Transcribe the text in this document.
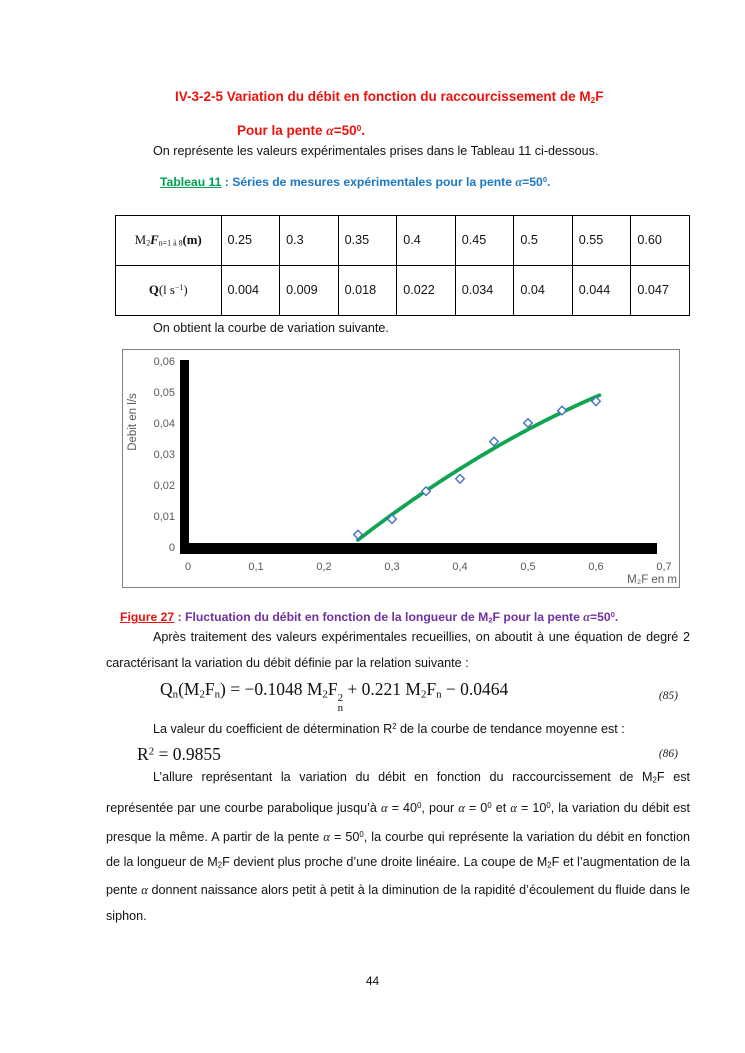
IV-3-2-5 Variation du débit en fonction du raccourcissement de M2F
Pour la pente $\alpha=50^0$.

On représente les valeurs expérimentales prises dans le Tableau 11 ci-dessous.

Tableau 11 : Séries de mesures expérimentales pour la pente $\alpha=50^0$.
M2Fn=1 à 8(m)	0.25	0.3	0.35	0.4	0.45	0.5	0.55	0.60
Q(l $s^{-1}$)	0.004	0.009	0.018	0.022	0.034	0.04	0.044	0.047

On obtient la courbe de variation suivante.

0
0,01
0,02
0,03
0,04
0,05
0,06
0	0,1	0,2	0,3	0,4	0,5	0,6	0,7
Debit en l/s
M₂F en m
Figure 27 : Fluctuation du débit en fonction de la longueur de M2F pour la pente $\alpha=50^0$.

Après traitement des valeurs expérimentales recueillies, on aboutit à une équation de degré 2 caractérisant la variation du débit définie par la relation suivante :

Qn(M2Fn) = −0.1048 M2F 2
n
+ 0.221 M2Fn − 0.0464	(85)

La valeur du coefficient de détermination $R^2$ de la courbe de tendance moyenne est :

$R^2 = 0.9855$	(86)

L’allure représentant la variation du débit en fonction du raccourcissement de M2F est représentée par une courbe parabolique jusqu’à $\alpha = 40^0$, pour $\alpha = 0^0$ et $\alpha = 10^0$, la variation du débit est presque la même. A partir de la pente $\alpha = 50^0$, la courbe qui représente la variation du débit en fonction de la longueur de M2F devient plus proche d’une droite linéaire. La coupe de M2F et l’augmentation de la pente α donnent naissance alors petit à petit à la diminution de la rapidité d’écoulement du fluide dans le siphon.

44
